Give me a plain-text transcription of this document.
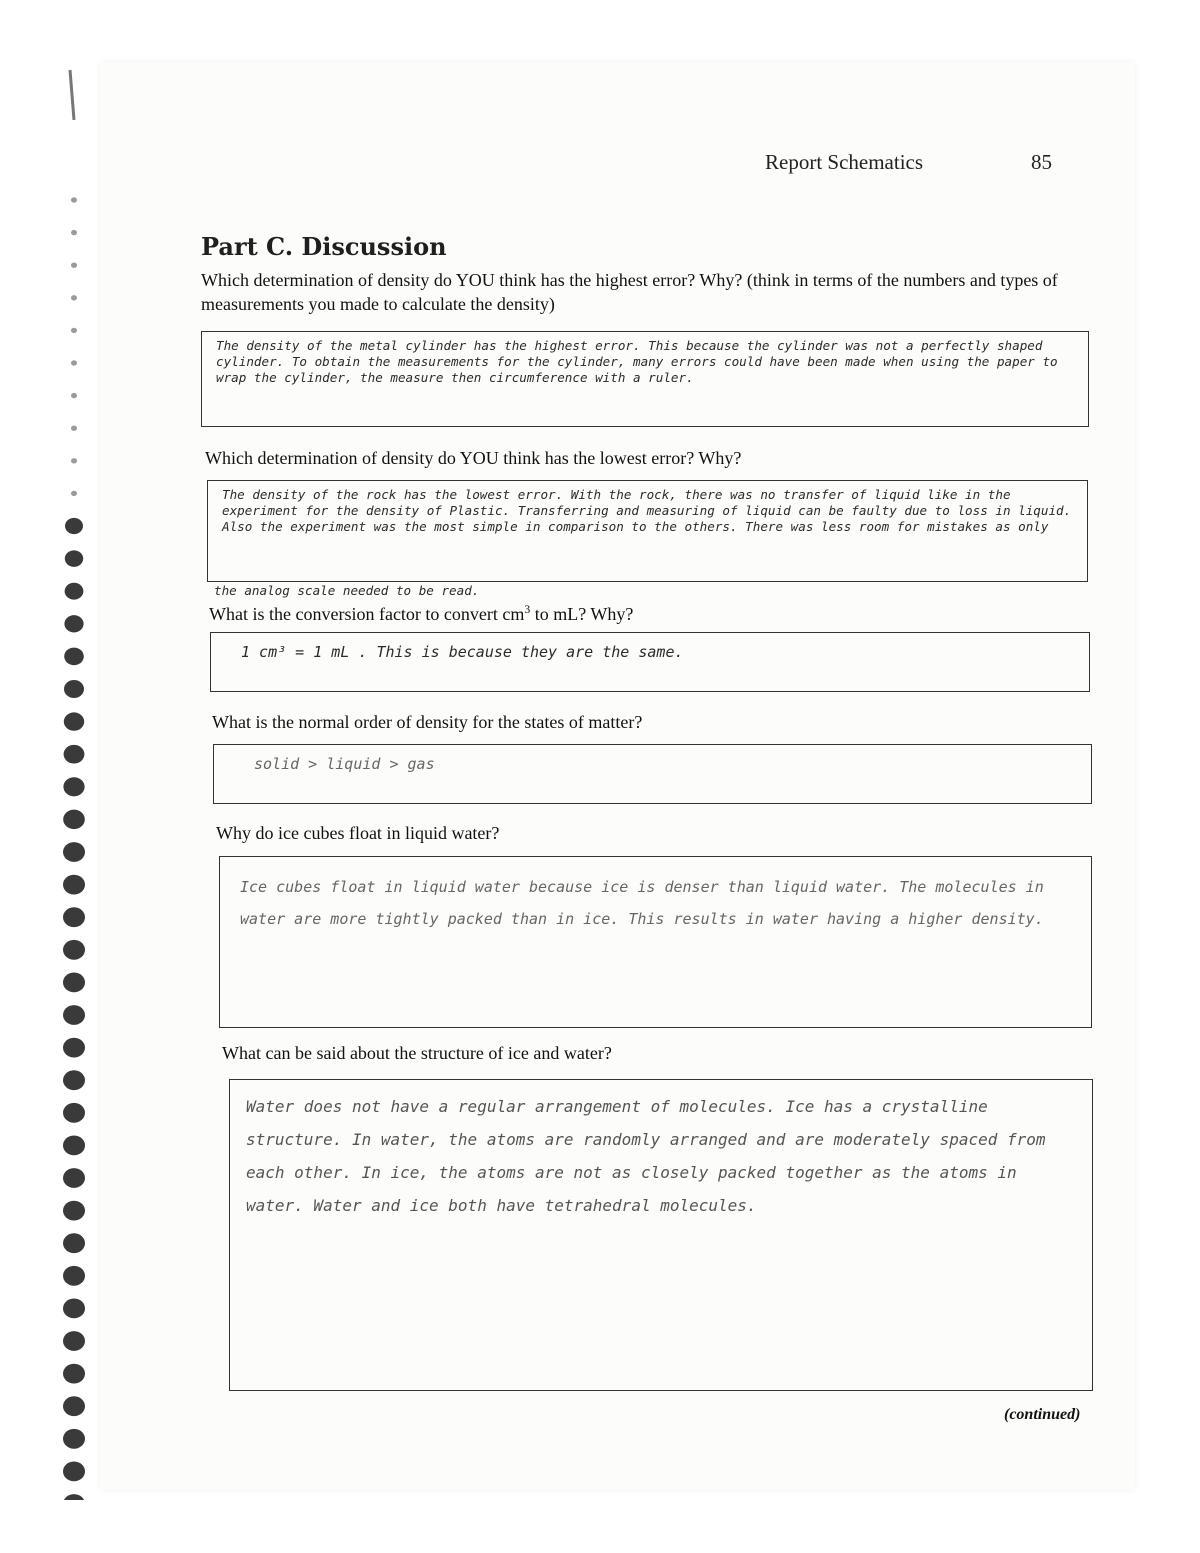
Report Schematics	85
Part C. Discussion
Which determination of density do YOU think has the highest error? Why? (think in terms of the numbers and types of measurements you made to calculate the density)

The density of the metal cylinder has the highest error. This because the cylinder was not a perfectly shaped cylinder. To obtain the measurements for the cylinder, many errors could have been made when using the paper to wrap the cylinder, the measure then circumference with a ruler.

Which determination of density do YOU think has the lowest error? Why?

The density of the rock has the lowest error. With the rock, there was no transfer of liquid like in the experiment for the density of Plastic. Transferring and measuring of liquid can be faulty due to loss in liquid. Also the experiment was the most simple in comparison to the others. There was less room for mistakes as only

the analog scale needed to be read.
What is the conversion factor to convert $cm^3$ to mL? Why?

1 cm³ = 1 mL . This is because they are the same.

What is the normal order of density for the states of matter?

solid > liquid > gas

Why do ice cubes float in liquid water?

Ice cubes float in liquid water because ice is denser than liquid water. The molecules in water are more tightly packed than in ice. This results in water having a higher density.

What can be said about the structure of ice and water?

Water does not have a regular arrangement of molecules. Ice has a crystalline structure. In water, the atoms are randomly arranged and are moderately spaced from each other. In ice, the atoms are not as closely packed together as the atoms in water. Water and ice both have tetrahedral molecules.

(continued)
